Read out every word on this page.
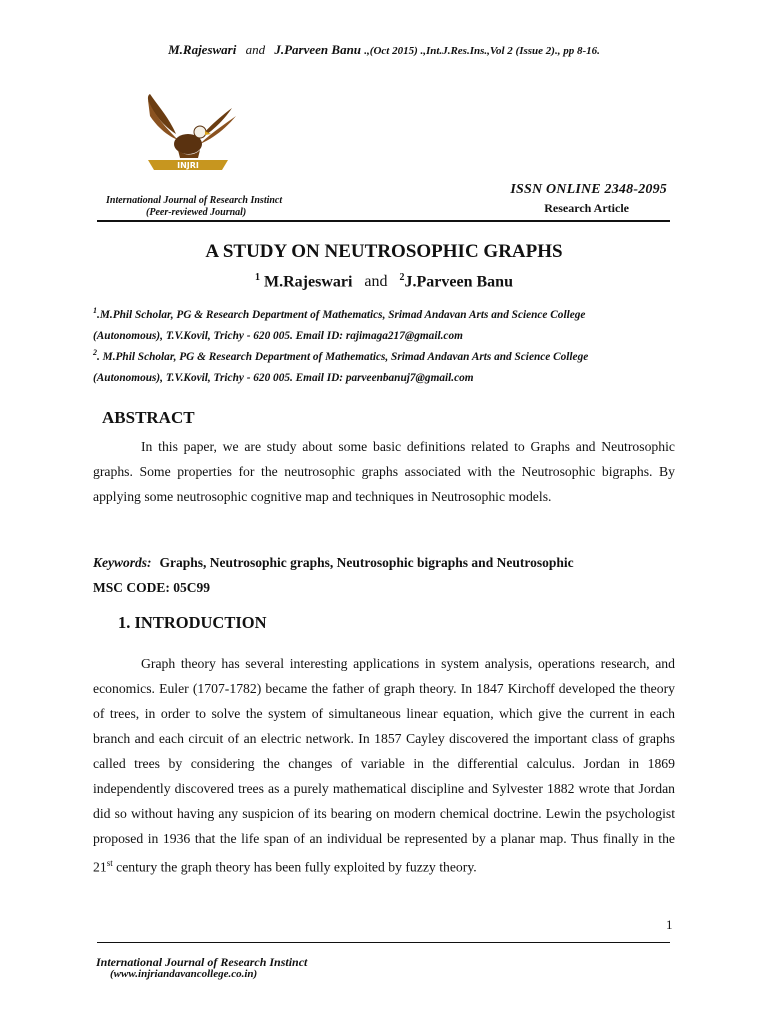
M.Rajeswari and J.Parveen Banu .,(Oct 2015) .,Int.J.Res.Ins.,Vol 2 (Issue 2)., pp 8-16.
INJRI
International Journal of Research Instinct
(Peer-reviewed Journal)
ISSN ONLINE 2348-2095
Research Article
A STUDY ON NEUTROSOPHIC GRAPHS
$^1$ M.Rajeswari and $^2$J.Parveen Banu
$^1$.M.Phil Scholar, PG & Research Department of Mathematics, Srimad Andavan Arts and Science College
(Autonomous), T.V.Kovil, Trichy - 620 005. Email ID: rajimaga217@gmail.com
$^2$. M.Phil Scholar, PG & Research Department of Mathematics, Srimad Andavan Arts and Science College
(Autonomous), T.V.Kovil, Trichy - 620 005. Email ID: parveenbanuj7@gmail.com
ABSTRACT
In this paper, we are study about some basic definitions related to Graphs and Neutrosophic graphs. Some properties for the neutrosophic graphs associated with the Neutrosophic bigraphs. By applying some neutrosophic cognitive map and techniques in Neutrosophic models.
Keywords: Graphs, Neutrosophic graphs, Neutrosophic bigraphs and Neutrosophic
MSC CODE: 05C99
1. INTRODUCTION
Graph theory has several interesting applications in system analysis, operations research, and economics. Euler (1707-1782) became the father of graph theory. In 1847 Kirchoff developed the theory of trees, in order to solve the system of simultaneous linear equation, which give the current in each branch and each circuit of an electric network. In 1857 Cayley discovered the important class of graphs called trees by considering the changes of variable in the differential calculus. Jordan in 1869 independently discovered trees as a purely mathematical discipline and Sylvester 1882 wrote that Jordan did so without having any suspicion of its bearing on modern chemical doctrine. Lewin the psychologist proposed in 1936 that the life span of an individual be represented by a planar map. Thus finally in the 21st century the graph theory has been fully exploited by fuzzy theory.
1
International Journal of Research Instinct
(www.injriandavancollege.co.in)
